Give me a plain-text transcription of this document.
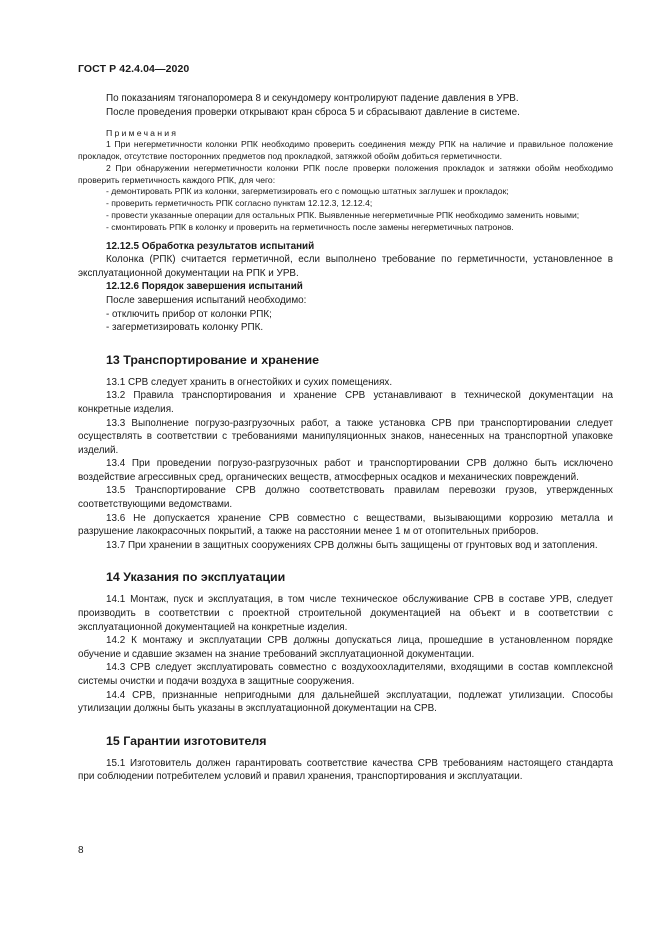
ГОСТ Р 42.4.04—2020

По показаниям тягонапоромера 8 и секундомеру контролируют падение давления в УРВ.

После проведения проверки открывают кран сброса 5 и сбрасывают давление в системе.

Примечания

1 При негерметичности колонки РПК необходимо проверить соединения между РПК на наличие и правильное положение прокладок, отсутствие посторонних предметов под прокладкой, затяжкой обойм добиться герметичности.

2 При обнаружении негерметичности колонки РПК после проверки положения прокладок и затяжки обойм необходимо проверить герметичность каждого РПК, для чего:

- демонтировать РПК из колонки, загерметизировать его с помощью штатных заглушек и прокладок;

- проверить герметичность РПК согласно пунктам 12.12.3, 12.12.4;

- провести указанные операции для остальных РПК. Выявленные негерметичные РПК необходимо заменить новыми;

- смонтировать РПК в колонку и проверить на герметичность после замены негерметичных патронов.

12.12.5 Обработка результатов испытаний

Колонка (РПК) считается герметичной, если выполнено требование по герметичности, установленное в эксплуатационной документации на РПК и УРВ.

12.12.6 Порядок завершения испытаний

После завершения испытаний необходимо:

- отключить прибор от колонки РПК;

- загерметизировать колонку РПК.

13 Транспортирование и хранение

13.1 СРВ следует хранить в огнестойких и сухих помещениях.

13.2 Правила транспортирования и хранение СРВ устанавливают в технической документации на конкретные изделия.

13.3 Выполнение погрузо-разгрузочных работ, а также установка СРВ при транспортировании следует осуществлять в соответствии с требованиями манипуляционных знаков, нанесенных на транспортной упаковке изделий.

13.4 При проведении погрузо-разгрузочных работ и транспортировании СРВ должно быть исключено воздействие агрессивных сред, органических веществ, атмосферных осадков и механических повреждений.

13.5 Транспортирование СРВ должно соответствовать правилам перевозки грузов, утвержденных соответствующими ведомствами.

13.6 Не допускается хранение СРВ совместно с веществами, вызывающими коррозию металла и разрушение лакокрасочных покрытий, а также на расстоянии менее 1 м от отопительных приборов.

13.7 При хранении в защитных сооружениях СРВ должны быть защищены от грунтовых вод и затопления.

14 Указания по эксплуатации

14.1 Монтаж, пуск и эксплуатация, в том числе техническое обслуживание СРВ в составе УРВ, следует производить в соответствии с проектной строительной документацией на объект и в соответствии с эксплуатационной документацией на конкретные изделия.

14.2 К монтажу и эксплуатации СРВ должны допускаться лица, прошедшие в установленном порядке обучение и сдавшие экзамен на знание требований эксплуатационной документации.

14.3 СРВ следует эксплуатировать совместно с воздухоохладителями, входящими в состав комплексной системы очистки и подачи воздуха в защитные сооружения.

14.4 СРВ, признанные непригодными для дальнейшей эксплуатации, подлежат утилизации. Способы утилизации должны быть указаны в эксплуатационной документации на СРВ.

15 Гарантии изготовителя

15.1 Изготовитель должен гарантировать соответствие качества СРВ требованиям настоящего стандарта при соблюдении потребителем условий и правил хранения, транспортирования и эксплуатации.

8
